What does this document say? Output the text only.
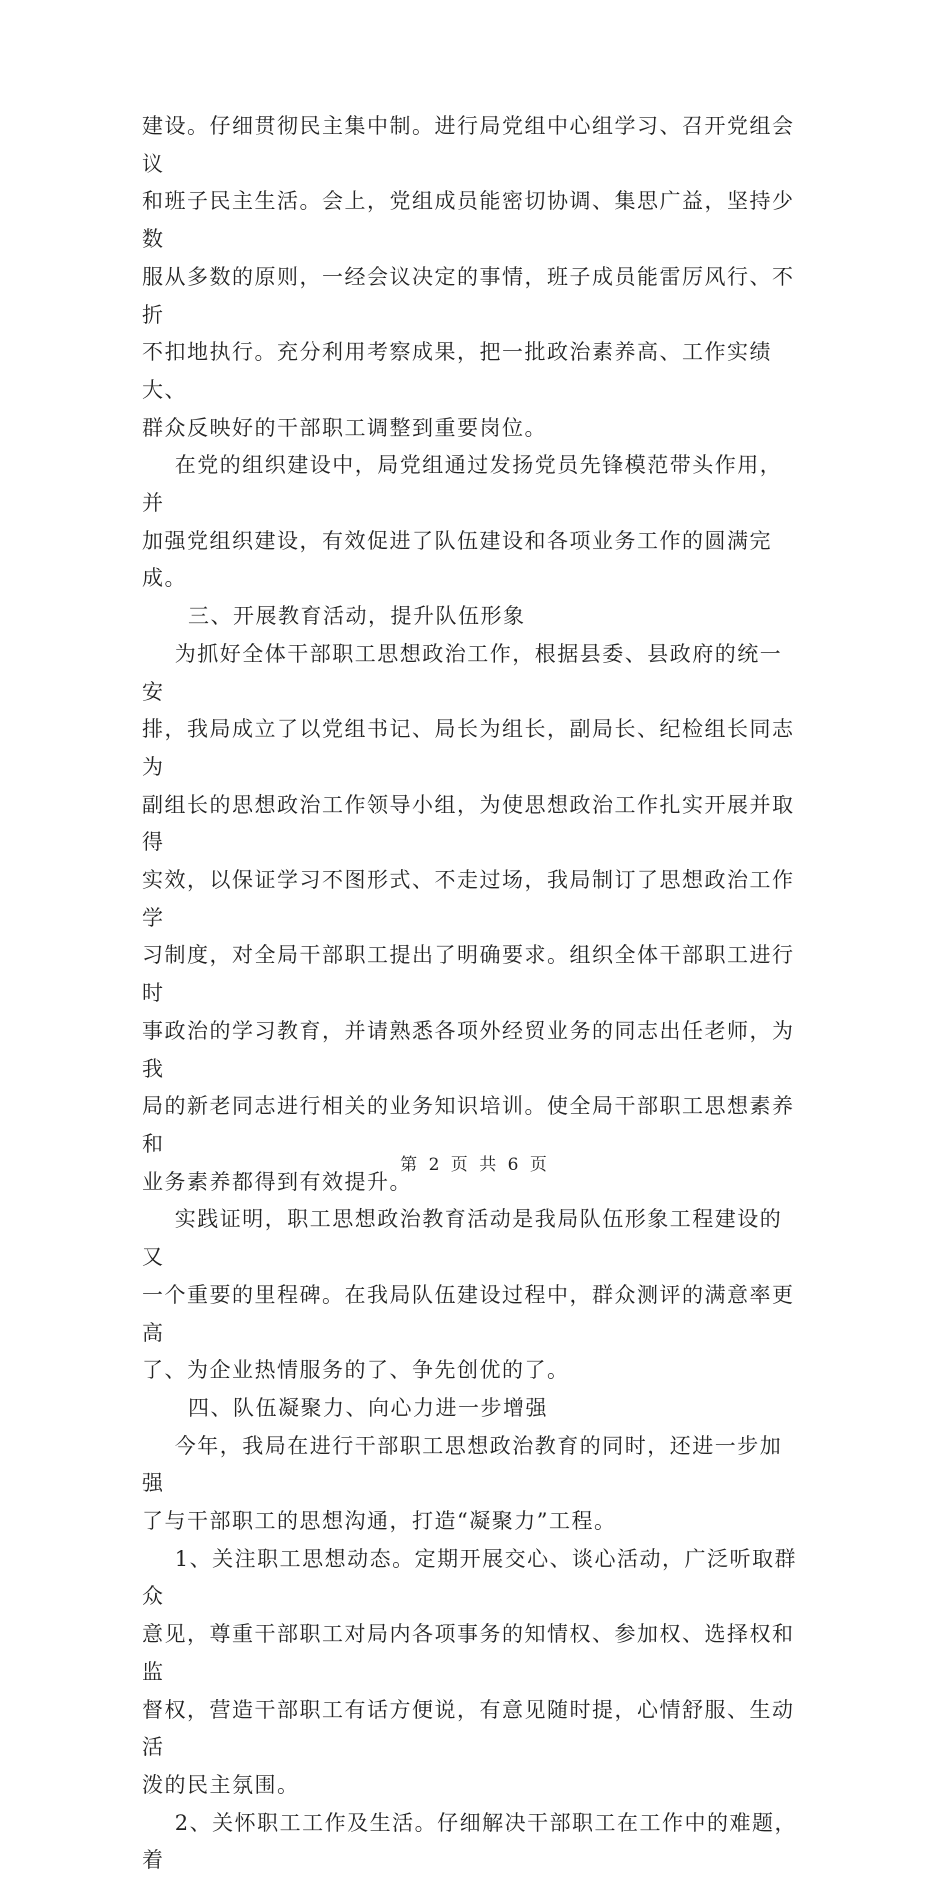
建设。仔细贯彻民主集中制。进行局党组中心组学习、召开党组会议
和班子民主生活。会上，党组成员能密切协调、集思广益，坚持少数
服从多数的原则，一经会议决定的事情，班子成员能雷厉风行、不折
不扣地执行。充分利用考察成果，把一批政治素养高、工作实绩大、
群众反映好的干部职工调整到重要岗位。

在党的组织建设中，局党组通过发扬党员先锋模范带头作用，并
加强党组织建设，有效促进了队伍建设和各项业务工作的圆满完成。

三、开展教育活动，提升队伍形象

为抓好全体干部职工思想政治工作，根据县委、县政府的统一安
排，我局成立了以党组书记、局长为组长，副局长、纪检组长同志为
副组长的思想政治工作领导小组，为使思想政治工作扎实开展并取得
实效，以保证学习不图形式、不走过场，我局制订了思想政治工作学
习制度，对全局干部职工提出了明确要求。组织全体干部职工进行时
事政治的学习教育，并请熟悉各项外经贸业务的同志出任老师，为我
局的新老同志进行相关的业务知识培训。使全局干部职工思想素养和
业务素养都得到有效提升。

实践证明，职工思想政治教育活动是我局队伍形象工程建设的又
一个重要的里程碑。在我局队伍建设过程中，群众测评的满意率更高
了、为企业热情服务的了、争先创优的了。

四、队伍凝聚力、向心力进一步增强

今年，我局在进行干部职工思想政治教育的同时，还进一步加强
了与干部职工的思想沟通，打造“凝聚力”工程。

1、关注职工思想动态。定期开展交心、谈心活动，广泛听取群众
意见，尊重干部职工对局内各项事务的知情权、参加权、选择权和监
督权，营造干部职工有话方便说，有意见随时提，心情舒服、生动活
泼的民主氛围。

2、关怀职工工作及生活。仔细解决干部职工在工作中的难题，着

第 2 页 共 6 页
